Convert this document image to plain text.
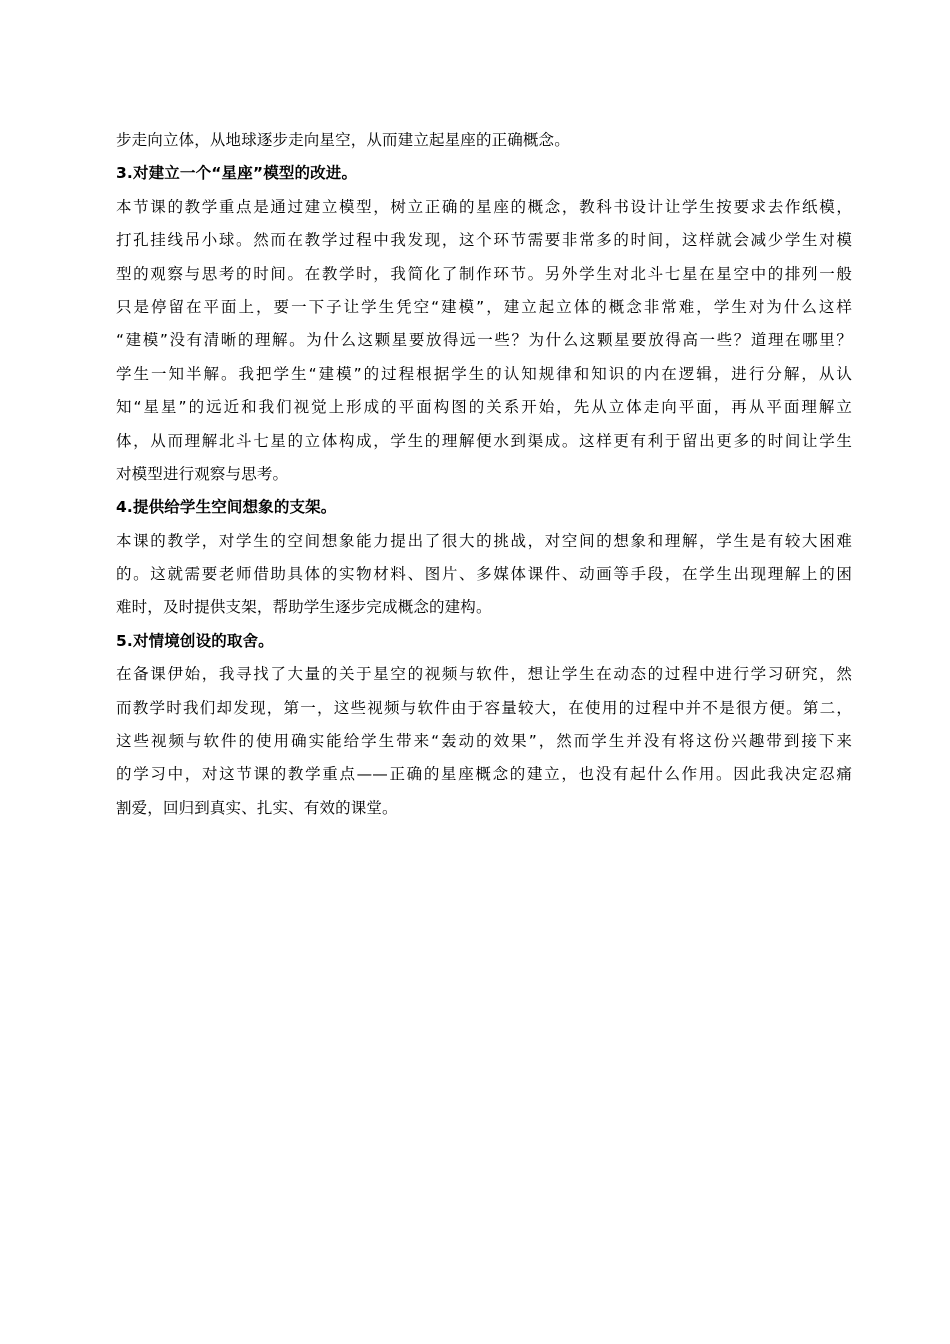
步走向立体，从地球逐步走向星空，从而建立起星座的正确概念。
3.对建立一个“星座”模型的改进。
本节课的教学重点是通过建立模型，树立正确的星座的概念，教科书设计让学生按要求去作纸模，
打孔挂线吊小球。然而在教学过程中我发现，这个环节需要非常多的时间，这样就会减少学生对模
型的观察与思考的时间。在教学时，我简化了制作环节。另外学生对北斗七星在星空中的排列一般
只是停留在平面上，要一下子让学生凭空“建模”，建立起立体的概念非常难，学生对为什么这样
“建模”没有清晰的理解。为什么这颗星要放得远一些？为什么这颗星要放得高一些？道理在哪里？
学生一知半解。我把学生“建模”的过程根据学生的认知规律和知识的内在逻辑，进行分解，从认
知“星星”的远近和我们视觉上形成的平面构图的关系开始，先从立体走向平面，再从平面理解立
体，从而理解北斗七星的立体构成，学生的理解便水到渠成。这样更有利于留出更多的时间让学生
对模型进行观察与思考。
4.提供给学生空间想象的支架。
本课的教学，对学生的空间想象能力提出了很大的挑战，对空间的想象和理解，学生是有较大困难
的。这就需要老师借助具体的实物材料、图片、多媒体课件、动画等手段，在学生出现理解上的困
难时，及时提供支架，帮助学生逐步完成概念的建构。
5.对情境创设的取舍。
在备课伊始，我寻找了大量的关于星空的视频与软件，想让学生在动态的过程中进行学习研究，然
而教学时我们却发现，第一，这些视频与软件由于容量较大，在使用的过程中并不是很方便。第二，
这些视频与软件的使用确实能给学生带来“轰动的效果”，然而学生并没有将这份兴趣带到接下来
的学习中，对这节课的教学重点——正确的星座概念的建立，也没有起什么作用。因此我决定忍痛
割爱，回归到真实、扎实、有效的课堂。
